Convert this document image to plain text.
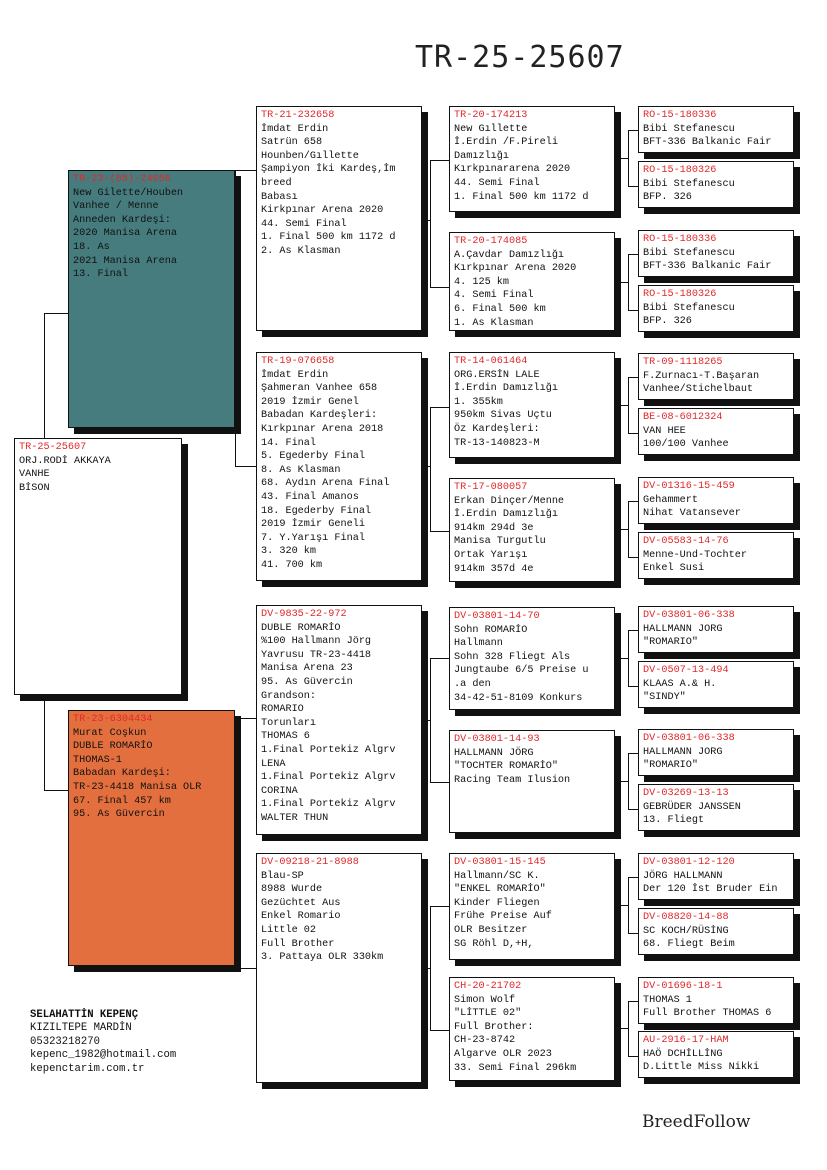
TR-25-25607
TR-25-25607
ORJ.RODİ AKKAYA
VANHE
BİSON
TR-23-(85)-24656
New Gilette/Houben
Vanhee / Menne
Anneden Kardeşi:
2020 Manisa Arena
18. As
2021 Manisa Arena
13. Final
TR-23-6304434
Murat Coşkun
DUBLE ROMARİO
THOMAS-1
Babadan Kardeşi:
TR-23-4418 Manisa OLR
67. Final 457 km
95. As Güvercin
TR-21-232658
İmdat Erdin
Satrün 658
Hounben/Gıllette
Şampiyon İki Kardeş,İm
breed
Babası
Kirkpınar Arena 2020
44. Semi Final
1. Final 500 km 1172 d
2. As Klasman
TR-19-076658
İmdat Erdin
Şahmeran Vanhee 658
2019 İzmir Genel
Babadan Kardeşleri:
Kırkpınar Arena 2018
14. Final
5. Egederby Final
8. As Klasman
68. Aydın Arena Final
43. Final Amanos
18. Egederby Final
2019 İzmir Geneli
7. Y.Yarışı Final
3. 320 km
41. 700 km
DV-9835-22-972
DUBLE ROMARİO
%100 Hallmann Jörg
Yavrusu TR-23-4418
Manisa Arena 23
95. As Güvercin
Grandson:
ROMARIO
Torunları
THOMAS 6
1.Final Portekiz Algrv
LENA
1.Final Portekiz Algrv
CORINA
1.Final Portekiz Algrv
WALTER THUN
DV-09218-21-8988
Blau-SP
8988 Wurde
Gezüchtet Aus
Enkel Romario
Little 02
Full Brother
3. Pattaya OLR 330km
TR-20-174213
New Gıllette
İ.Erdin /F.Pireli
Damızlığı
Kırkpınararena 2020
44. Semi Final
1. Final 500 km 1172 d
TR-20-174085
A.Çavdar Damızlığı
Kırkpınar Arena 2020
4. 125 km
4. Semi Final
6. Final 500 km
1. As Klasman
TR-14-061464
ORG.ERSİN LALE
İ.Erdin Damızlığı
1. 355km
950km Sivas Uçtu
Öz Kardeşleri:
TR-13-140823-M
TR-17-080057
Erkan Dinçer/Menne
İ.Erdin Damızlığı
914km 294d 3e
Manisa Turgutlu
Ortak Yarışı
914km 357d 4e
DV-03801-14-70
Sohn ROMARİO
Hallmann
Sohn 328 Fliegt Als
Jungtaube 6/5 Preise u
.a den
34-42-51-8109 Konkurs
DV-03801-14-93
HALLMANN JÖRG
"TOCHTER ROMARİO"
Racing Team Ilusion
DV-03801-15-145
Hallmann/SC K.
"ENKEL ROMARİO"
Kinder Fliegen
Frühe Preise Auf
OLR Besitzer
SG Röhl D,+H,
CH-20-21702
Simon Wolf
"LİTTLE 02"
Full Brother:
CH-23-8742
Algarve OLR 2023
33. Semi Final 296km
RO-15-180336
Bibi Stefanescu
BFT-336 Balkanic Fair
RO-15-180326
Bibi Stefanescu
BFP. 326
RO-15-180336
Bibi Stefanescu
BFT-336 Balkanic Fair
RO-15-180326
Bibi Stefanescu
BFP. 326
TR-09-1118265
F.Zurnacı-T.Başaran
Vanhee/Stichelbaut
BE-08-6012324
VAN HEE
100/100 Vanhee
DV-01316-15-459
Gehammert
Nihat Vatansever
DV-05583-14-76
Menne-Und-Tochter
Enkel Susi
DV-03801-06-338
HALLMANN JORG
"ROMARIO"
DV-0507-13-494
KLAAS A.& H.
"SINDY"
DV-03801-06-338
HALLMANN JORG
"ROMARIO"
DV-03269-13-13
GEBRÜDER JANSSEN
13. Fliegt
DV-03801-12-120
JÖRG HALLMANN
Der 120 İst Bruder Ein
DV-08820-14-88
SC KOCH/RÜSİNG
68. Fliegt Beim
DV-01696-18-1
THOMAS 1
Full Brother THOMAS 6
AU-2916-17-HAM
HAÖ DCHİLLİNG
D.Little Miss Nikki
SELAHATTİN KEPENÇ
KIZILTEPE MARDİN
05323218270
kepenc_1982@hotmail.com
kepenctarim.com.tr
BreedFollow
